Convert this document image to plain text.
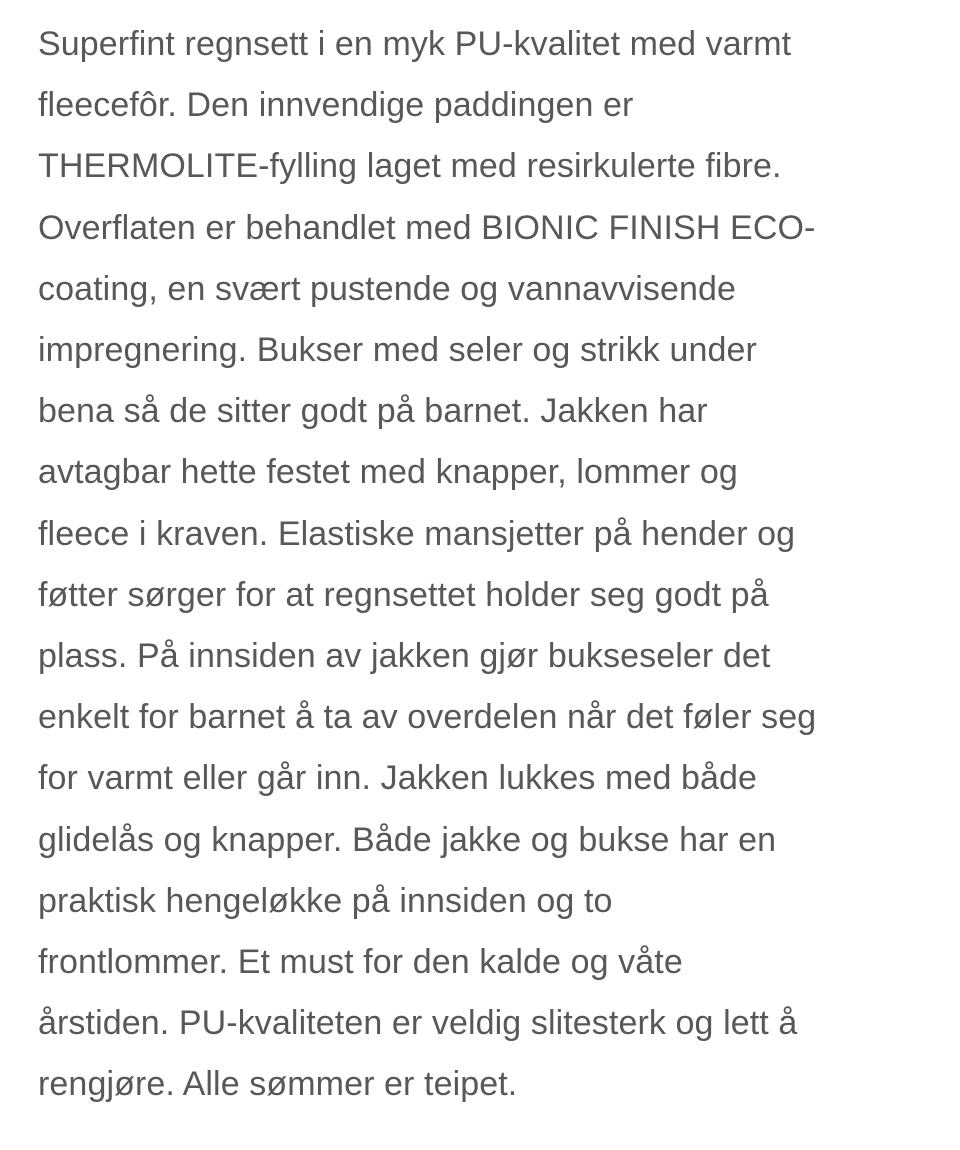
Superfint regnsett i en myk PU-kvalitet med varmt
fleecefôr. Den innvendige paddingen er
THERMOLITE-fylling laget med resirkulerte fibre.
Overflaten er behandlet med BIONIC FINISH ECO-
coating, en svært pustende og vannavvisende
impregnering. Bukser med seler og strikk under
bena så de sitter godt på barnet. Jakken har
avtagbar hette festet med knapper, lommer og
fleece i kraven. Elastiske mansjetter på hender og
føtter sørger for at regnsettet holder seg godt på
plass. På innsiden av jakken gjør bukseseler det
enkelt for barnet å ta av overdelen når det føler seg
for varmt eller går inn. Jakken lukkes med både
glidelås og knapper. Både jakke og bukse har en
praktisk hengeløkke på innsiden og to
frontlommer. Et must for den kalde og våte
årstiden. PU-kvaliteten er veldig slitesterk og lett å
rengjøre. Alle sømmer er teipet.
